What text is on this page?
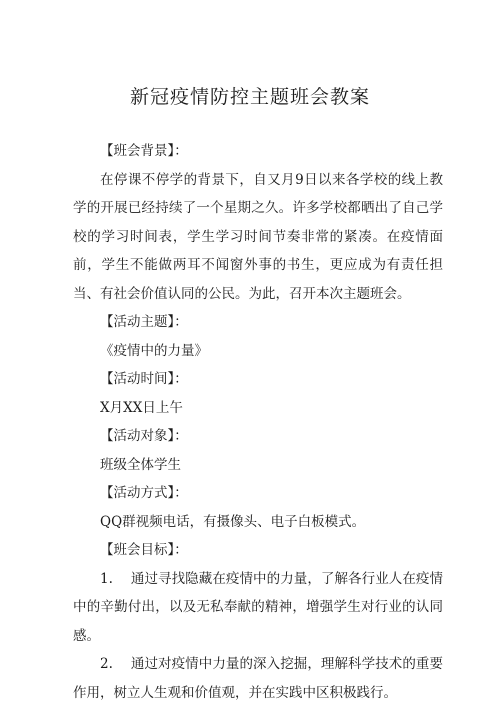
新冠疫情防控主题班会教案

【班会背景】：

在停课不停学的背景下，自又月9日以来各学校的线上教学的开展已经持续了一个星期之久。许多学校都晒出了自己学校的学习时间表，学生学习时间节奏非常的紧凑。在疫情面前，学生不能做两耳不闻窗外事的书生，更应成为有责任担当、有社会价值认同的公民。为此，召开本次主题班会。

【活动主题】：

《疫情中的力量》

【活动时间】：

X月XX日上午

【活动对象】：

班级全体学生

【活动方式】：

QQ群视频电话，有摄像头、电子白板模式。

【班会目标】：

1.　 通过寻找隐藏在疫情中的力量，了解各行业人在疫情中的辛勤付出，以及无私奉献的精神，增强学生对行业的认同感。

2.　 通过对疫情中力量的深入挖掘，理解科学技术的重要作用，树立人生观和价值观，并在实践中区积极践行。
